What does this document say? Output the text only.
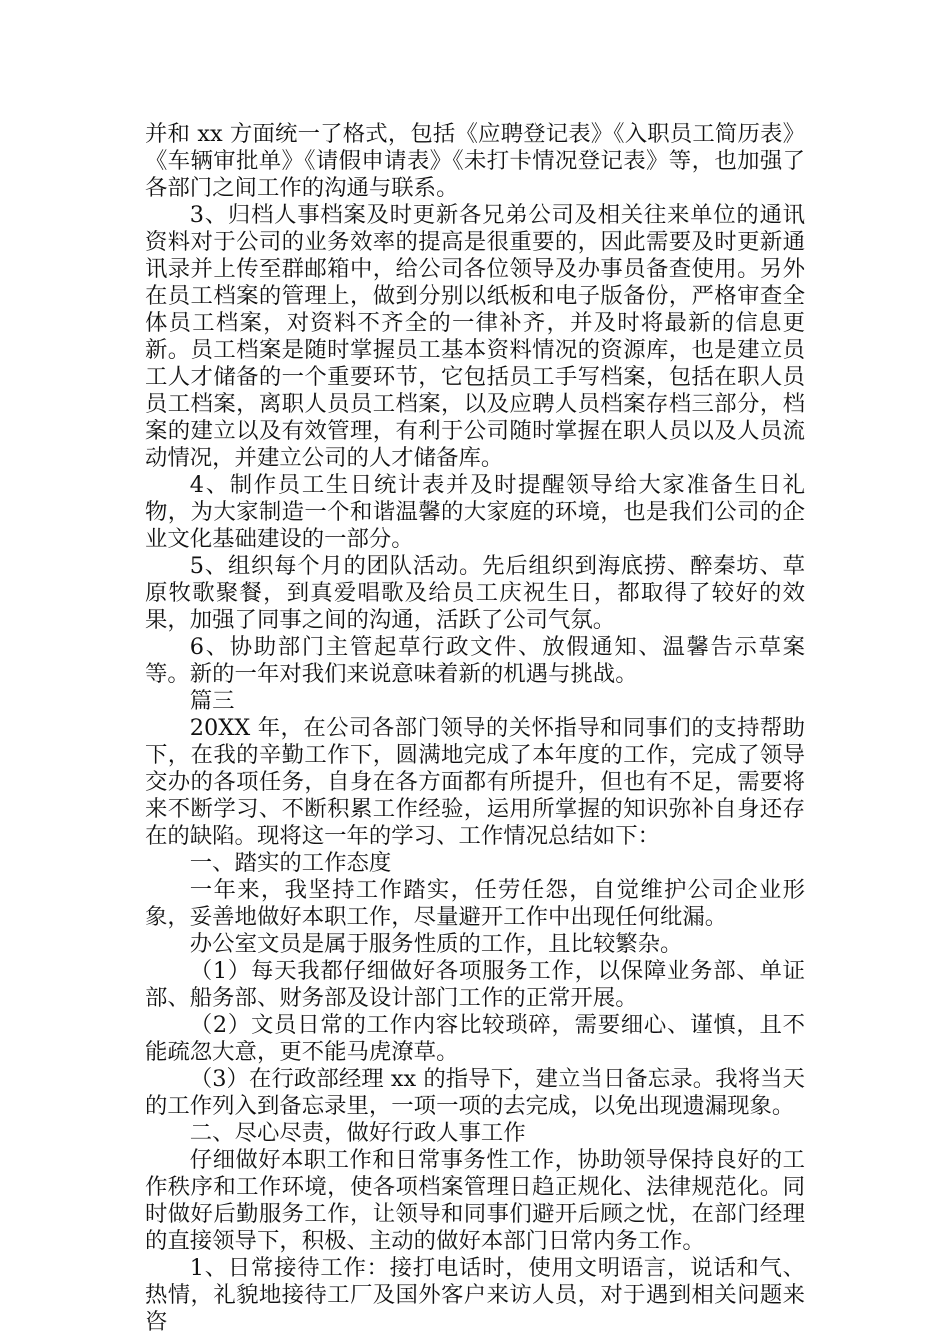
并和 xx 方面统一了格式，包括《应聘登记表》《入职员工简历表》《车辆审批单》《请假申请表》《未打卡情况登记表》等，也加强了各部门之间工作的沟通与联系。

3、归档人事档案及时更新各兄弟公司及相关往来单位的通讯资料对于公司的业务效率的提高是很重要的，因此需要及时更新通讯录并上传至群邮箱中，给公司各位领导及办事员备查使用。另外在员工档案的管理上，做到分别以纸板和电子版备份，严格审查全体员工档案，对资料不齐全的一律补齐，并及时将最新的信息更新。员工档案是随时掌握员工基本资料情况的资源库，也是建立员工人才储备的一个重要环节，它包括员工手写档案，包括在职人员员工档案，离职人员员工档案，以及应聘人员档案存档三部分，档案的建立以及有效管理，有利于公司随时掌握在职人员以及人员流动情况，并建立公司的人才储备库。

4、制作员工生日统计表并及时提醒领导给大家准备生日礼物，为大家制造一个和谐温馨的大家庭的环境，也是我们公司的企业文化基础建设的一部分。

5、组织每个月的团队活动。先后组织到海底捞、醉秦坊、草原牧歌聚餐，到真爱唱歌及给员工庆祝生日，都取得了较好的效果，加强了同事之间的沟通，活跃了公司气氛。

6、协助部门主管起草行政文件、放假通知、温馨告示草案等。新的一年对我们来说意味着新的机遇与挑战。

篇三

20XX 年，在公司各部门领导的关怀指导和同事们的支持帮助下，在我的辛勤工作下，圆满地完成了本年度的工作，完成了领导交办的各项任务，自身在各方面都有所提升，但也有不足，需要将来不断学习、不断积累工作经验，运用所掌握的知识弥补自身还存在的缺陷。现将这一年的学习、工作情况总结如下：

一、踏实的工作态度

一年来，我坚持工作踏实，任劳任怨，自觉维护公司企业形象，妥善地做好本职工作，尽量避开工作中出现任何纰漏。

办公室文员是属于服务性质的工作，且比较繁杂。

（1）每天我都仔细做好各项服务工作，以保障业务部、单证部、船务部、财务部及设计部门工作的正常开展。

（2）文员日常的工作内容比较琐碎，需要细心、谨慎，且不能疏忽大意，更不能马虎潦草。

（3）在行政部经理 xx 的指导下，建立当日备忘录。我将当天的工作列入到备忘录里，一项一项的去完成，以免出现遗漏现象。

二、尽心尽责，做好行政人事工作

仔细做好本职工作和日常事务性工作，协助领导保持良好的工作秩序和工作环境，使各项档案管理日趋正规化、法律规范化。同时做好后勤服务工作，让领导和同事们避开后顾之忧，在部门经理的直接领导下，积极、主动的做好本部门日常内务工作。

1、日常接待工作：接打电话时，使用文明语言，说话和气、热情，礼貌地接待工厂及国外客户来访人员，对于遇到相关问题来咨
